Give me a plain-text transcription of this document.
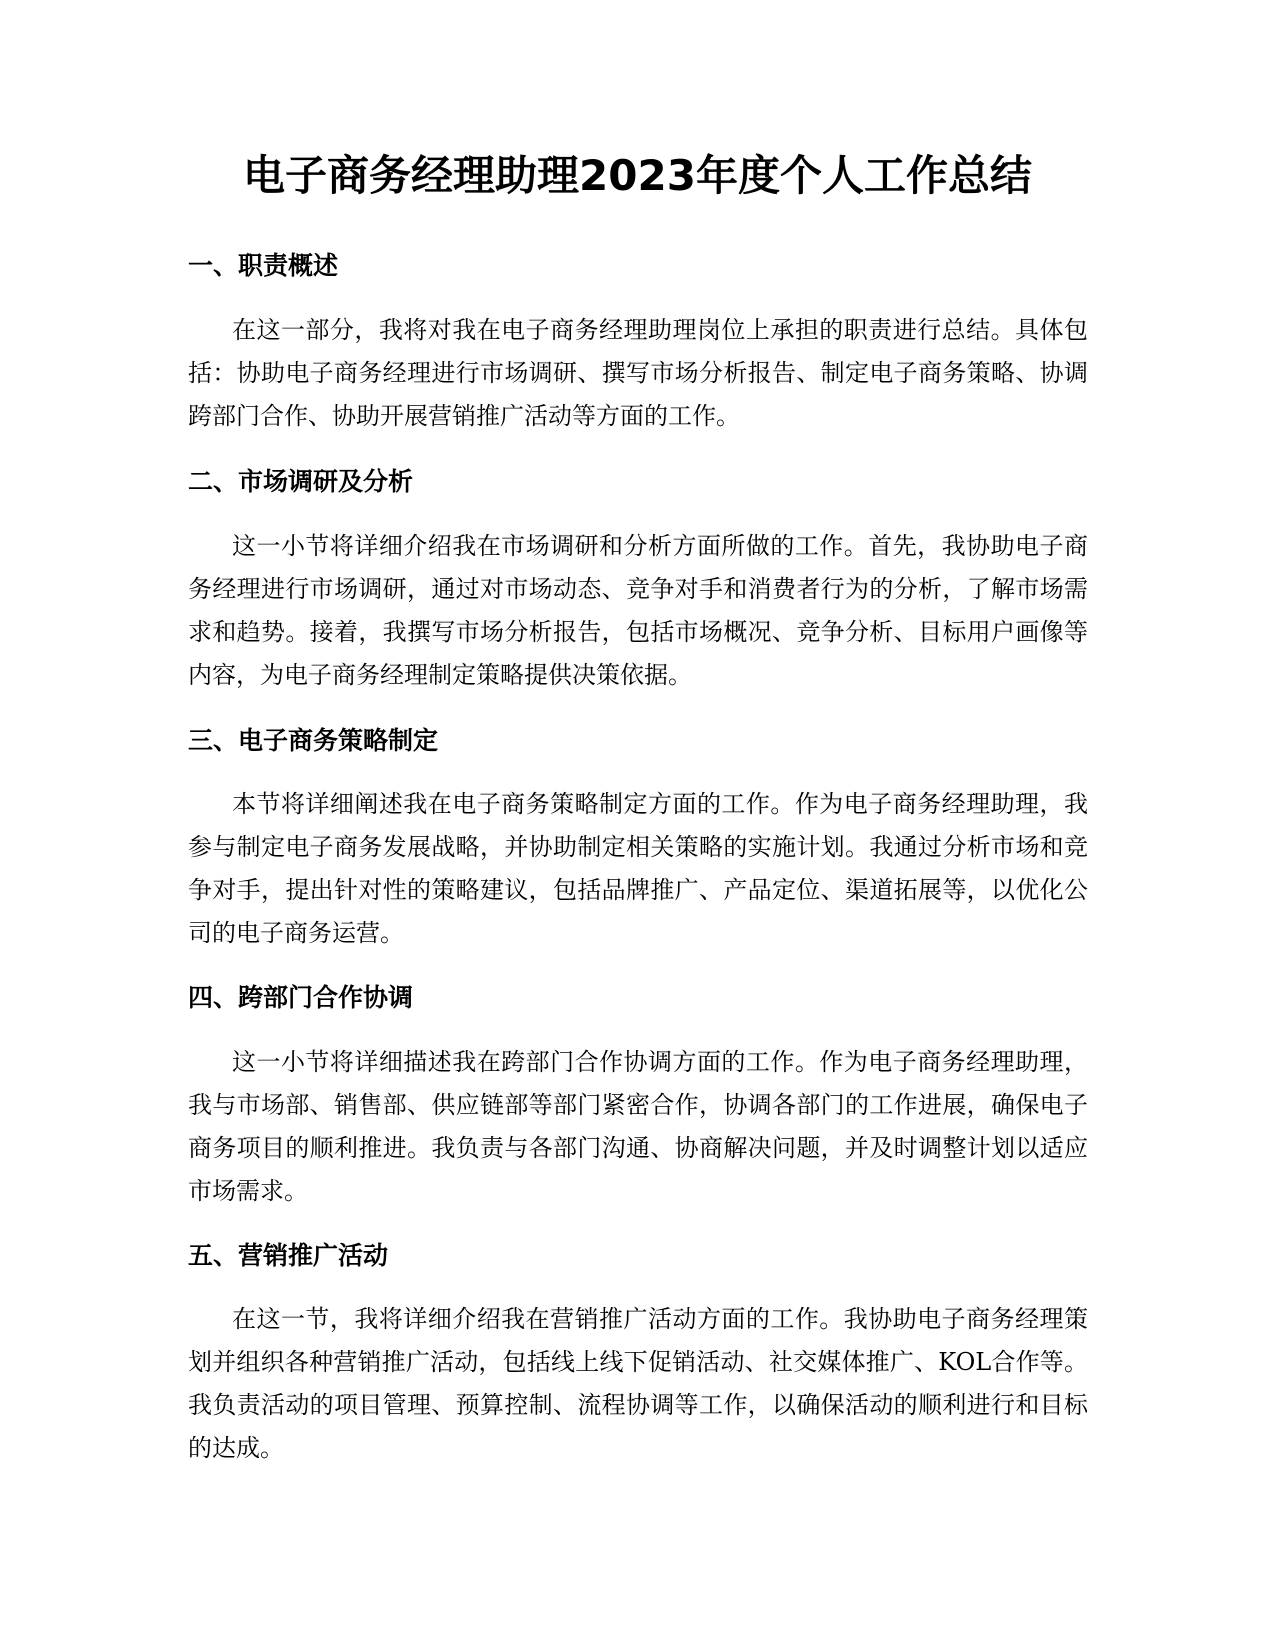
电子商务经理助理2023年度个人工作总结
一、职责概述

在这一部分，我将对我在电子商务经理助理岗位上承担的职责进行总结。具体包括：协助电子商务经理进行市场调研、撰写市场分析报告、制定电子商务策略、协调跨部门合作、协助开展营销推广活动等方面的工作。

二、市场调研及分析

这一小节将详细介绍我在市场调研和分析方面所做的工作。首先，我协助电子商务经理进行市场调研，通过对市场动态、竞争对手和消费者行为的分析，了解市场需求和趋势。接着，我撰写市场分析报告，包括市场概况、竞争分析、目标用户画像等内容，为电子商务经理制定策略提供决策依据。

三、电子商务策略制定

本节将详细阐述我在电子商务策略制定方面的工作。作为电子商务经理助理，我参与制定电子商务发展战略，并协助制定相关策略的实施计划。我通过分析市场和竞争对手，提出针对性的策略建议，包括品牌推广、产品定位、渠道拓展等，以优化公司的电子商务运营。

四、跨部门合作协调

这一小节将详细描述我在跨部门合作协调方面的工作。作为电子商务经理助理，我与市场部、销售部、供应链部等部门紧密合作，协调各部门的工作进展，确保电子商务项目的顺利推进。我负责与各部门沟通、协商解决问题，并及时调整计划以适应市场需求。

五、营销推广活动

在这一节，我将详细介绍我在营销推广活动方面的工作。我协助电子商务经理策划并组织各种营销推广活动，包括线上线下促销活动、社交媒体推广、KOL合作等。我负责活动的项目管理、预算控制、流程协调等工作，以确保活动的顺利进行和目标的达成。
